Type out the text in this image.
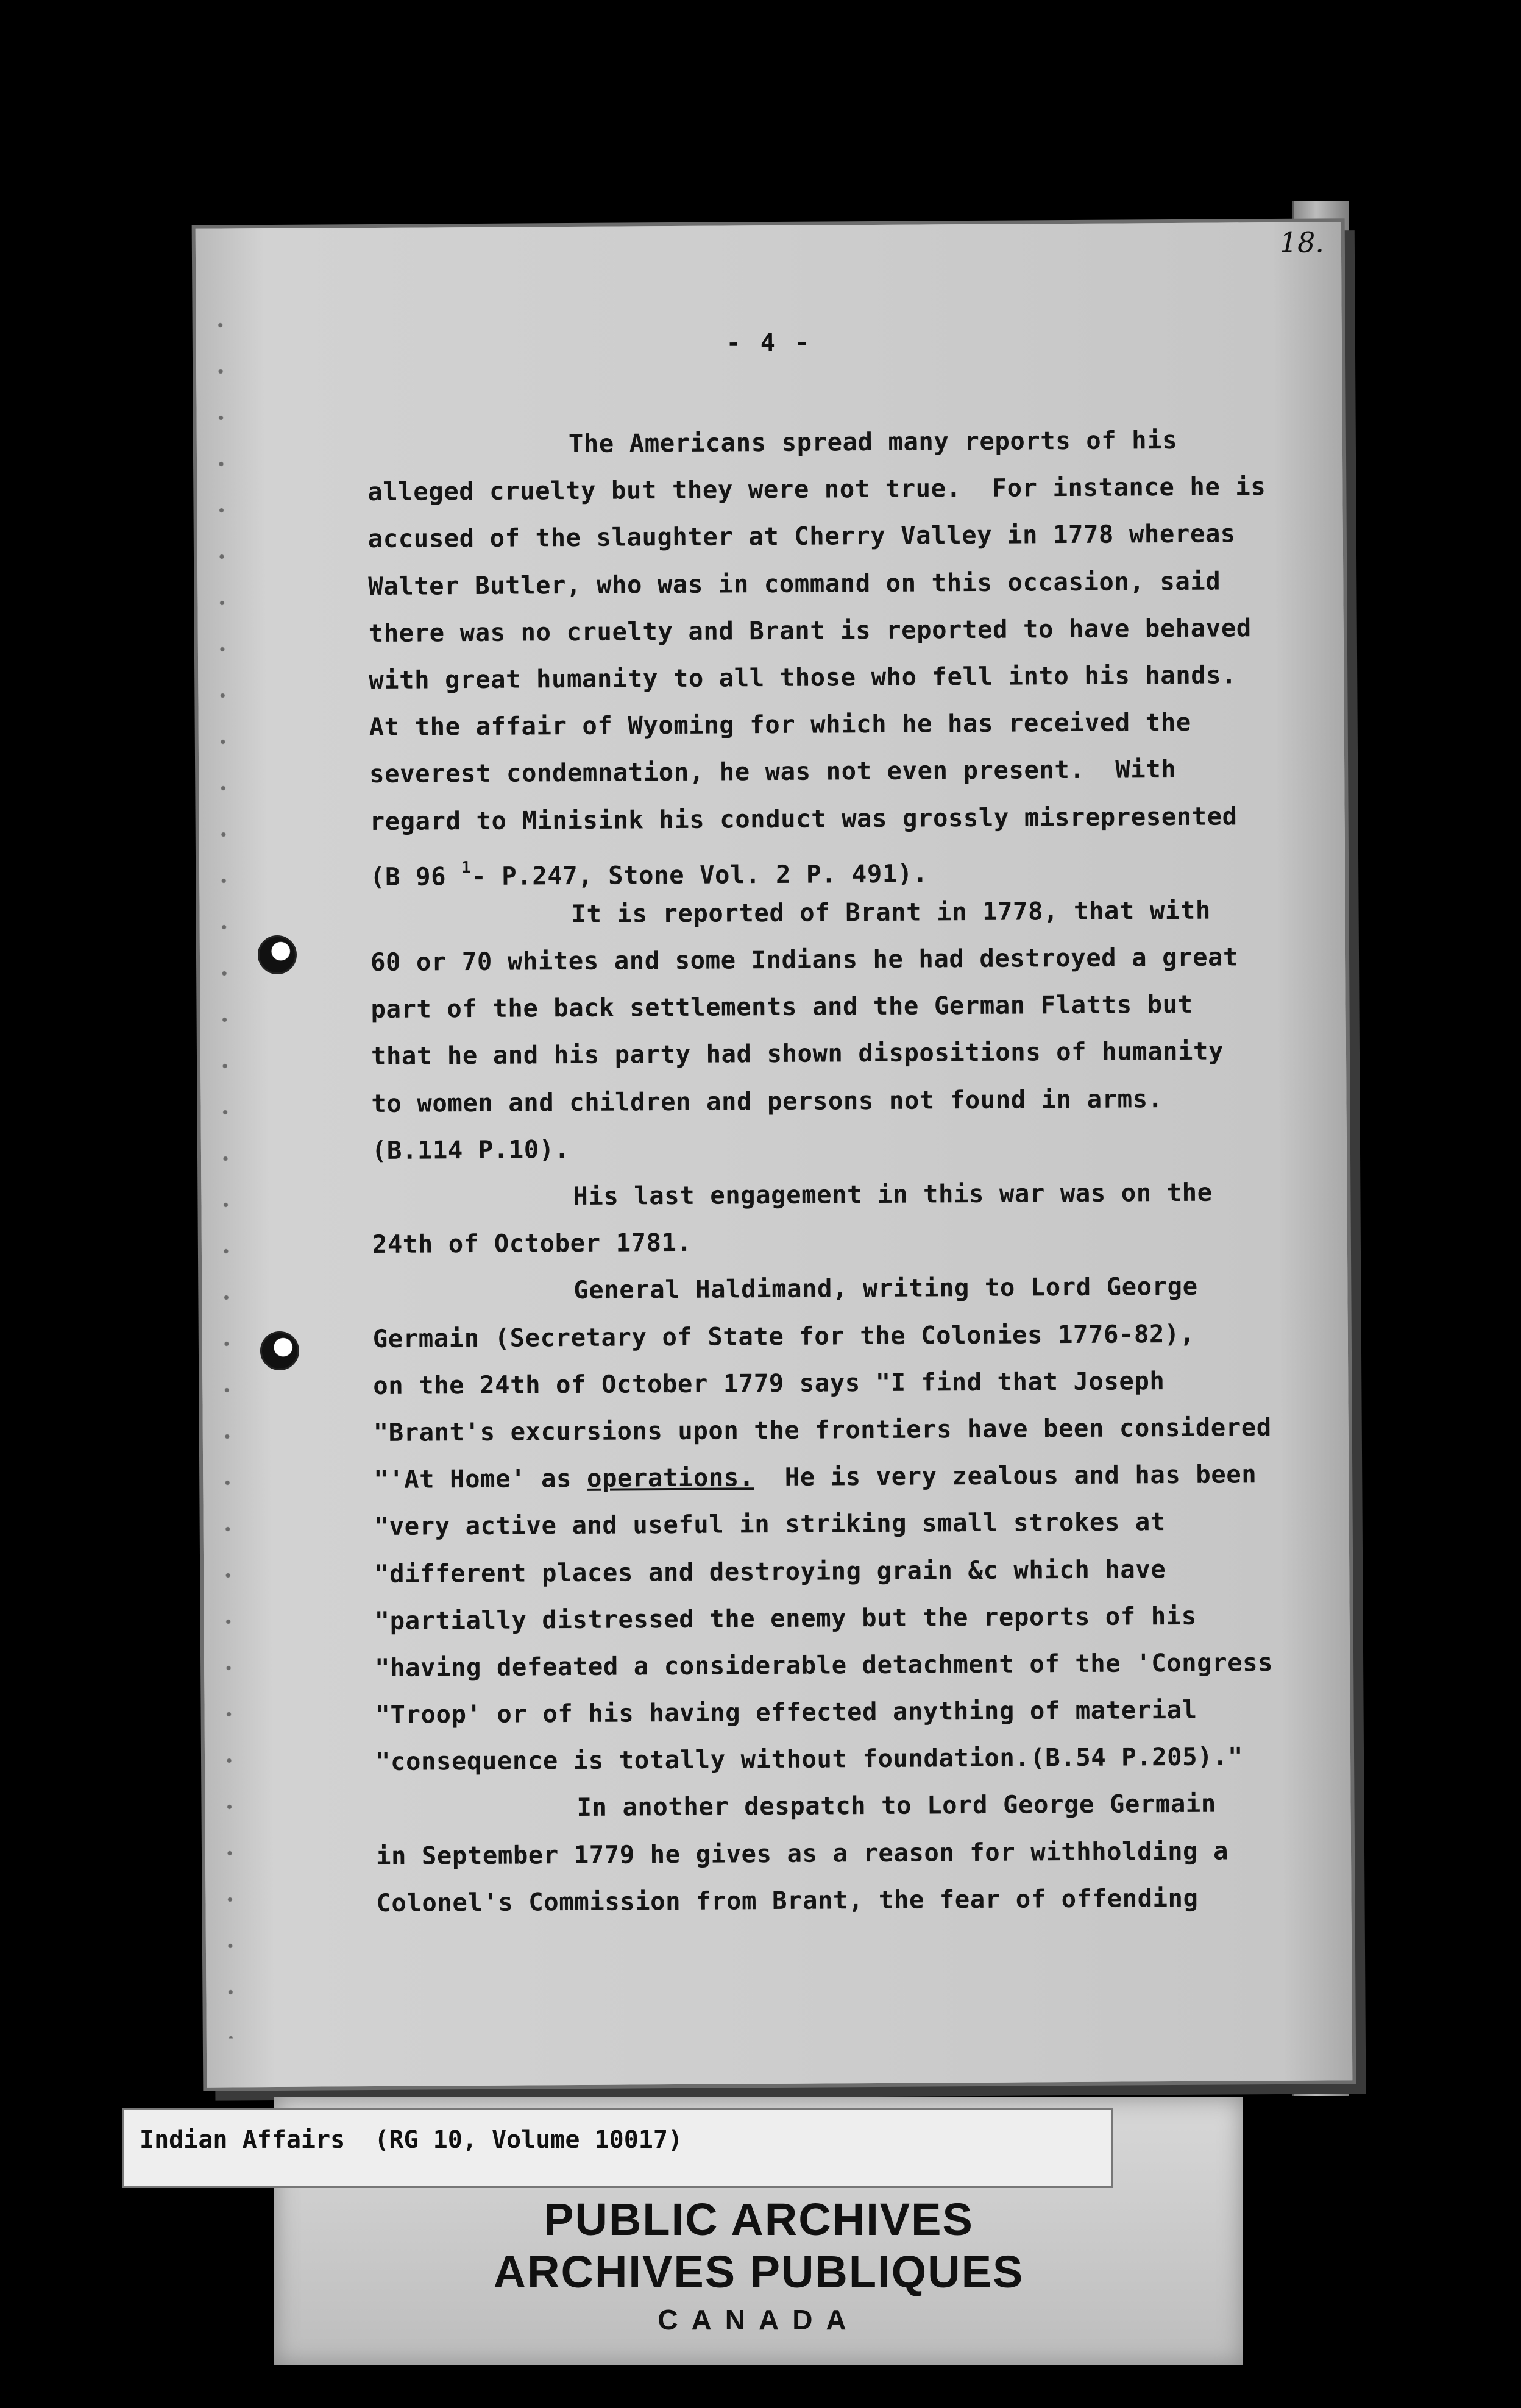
18.
- 4 -
The Americans spread many reports of his
alleged cruelty but they were not true.  For instance he is
accused of the slaughter at Cherry Valley in 1778 whereas
Walter Butler, who was in command on this occasion, said
there was no cruelty and Brant is reported to have behaved
with great humanity to all those who fell into his hands.
At the affair of Wyoming for which he has received the
severest condemnation, he was not even present.  With
regard to Minisink his conduct was grossly misrepresented
(B 96 $^1$- P.247, Stone Vol. 2 P. 491).
It is reported of Brant in 1778, that with
60 or 70 whites and some Indians he had destroyed a great
part of the back settlements and the German Flatts but
that he and his party had shown dispositions of humanity
to women and children and persons not found in arms.
(B.114 P.10).
His last engagement in this war was on the
24th of October 1781.
General Haldimand, writing to Lord George
Germain (Secretary of State for the Colonies 1776-82),
on the 24th of October 1779 says "I find that Joseph
"Brant's excursions upon the frontiers have been considered
"'At Home' as operations.  He is very zealous and has been
"very active and useful in striking small strokes at
"different places and destroying grain &c which have
"partially distressed the enemy but the reports of his
"having defeated a considerable detachment of the 'Congress
"Troop' or of his having effected anything of material
"consequence is totally without foundation.(B.54 P.205)."
In another despatch to Lord George Germain
in September 1779 he gives as a reason for withholding a
Colonel's Commission from Brant, the fear of offending
Indian Affairs  (RG 10, Volume 10017)
PUBLIC ARCHIVES
ARCHIVES PUBLIQUES
CANADA
